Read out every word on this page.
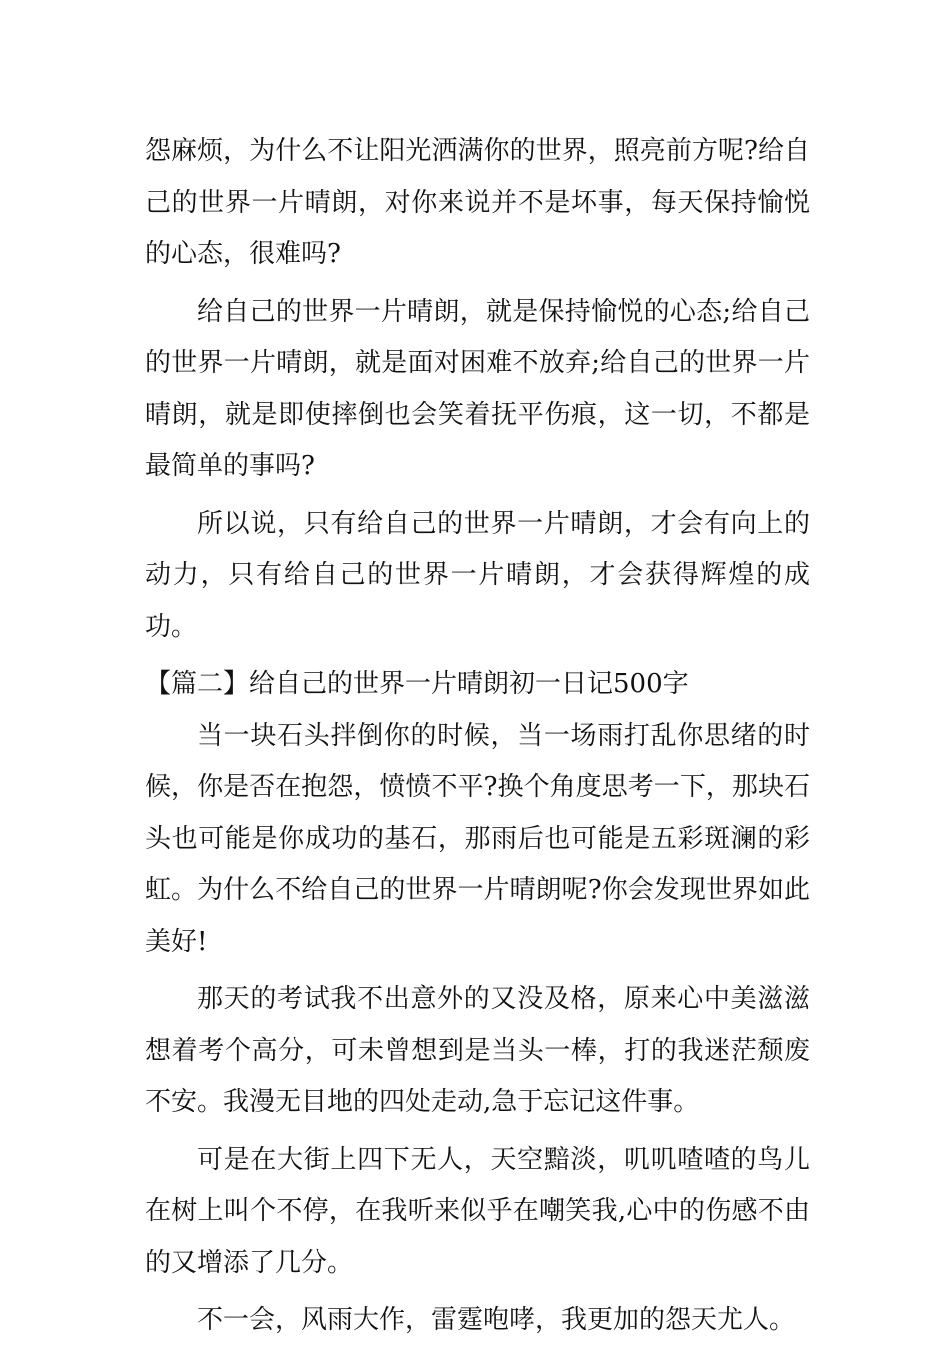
怨麻烦，为什么不让阳光洒满你的世界，照亮前方呢?给自己的世界一片晴朗，对你来说并不是坏事，每天保持愉悦的心态，很难吗?

给自己的世界一片晴朗，就是保持愉悦的心态;给自己的世界一片晴朗，就是面对困难不放弃;给自己的世界一片晴朗，就是即使摔倒也会笑着抚平伤痕，这一切，不都是最简单的事吗?

所以说，只有给自己的世界一片晴朗，才会有向上的动力，只有给自己的世界一片晴朗，才会获得辉煌的成功。

【篇二】给自己的世界一片晴朗初一日记500字

当一块石头拌倒你的时候，当一场雨打乱你思绪的时候，你是否在抱怨，愤愤不平?换个角度思考一下，那块石头也可能是你成功的基石，那雨后也可能是五彩斑澜的彩虹。为什么不给自己的世界一片晴朗呢?你会发现世界如此美好!

那天的考试我不出意外的又没及格，原来心中美滋滋想着考个高分，可未曾想到是当头一棒，打的我迷茫颓废不安。我漫无目地的四处走动,急于忘记这件事。

可是在大街上四下无人，天空黯淡，叽叽喳喳的鸟儿在树上叫个不停，在我听来似乎在嘲笑我,心中的伤感不由的又增添了几分。

不一会，风雨大作，雷霆咆哮，我更加的怨天尤人。
